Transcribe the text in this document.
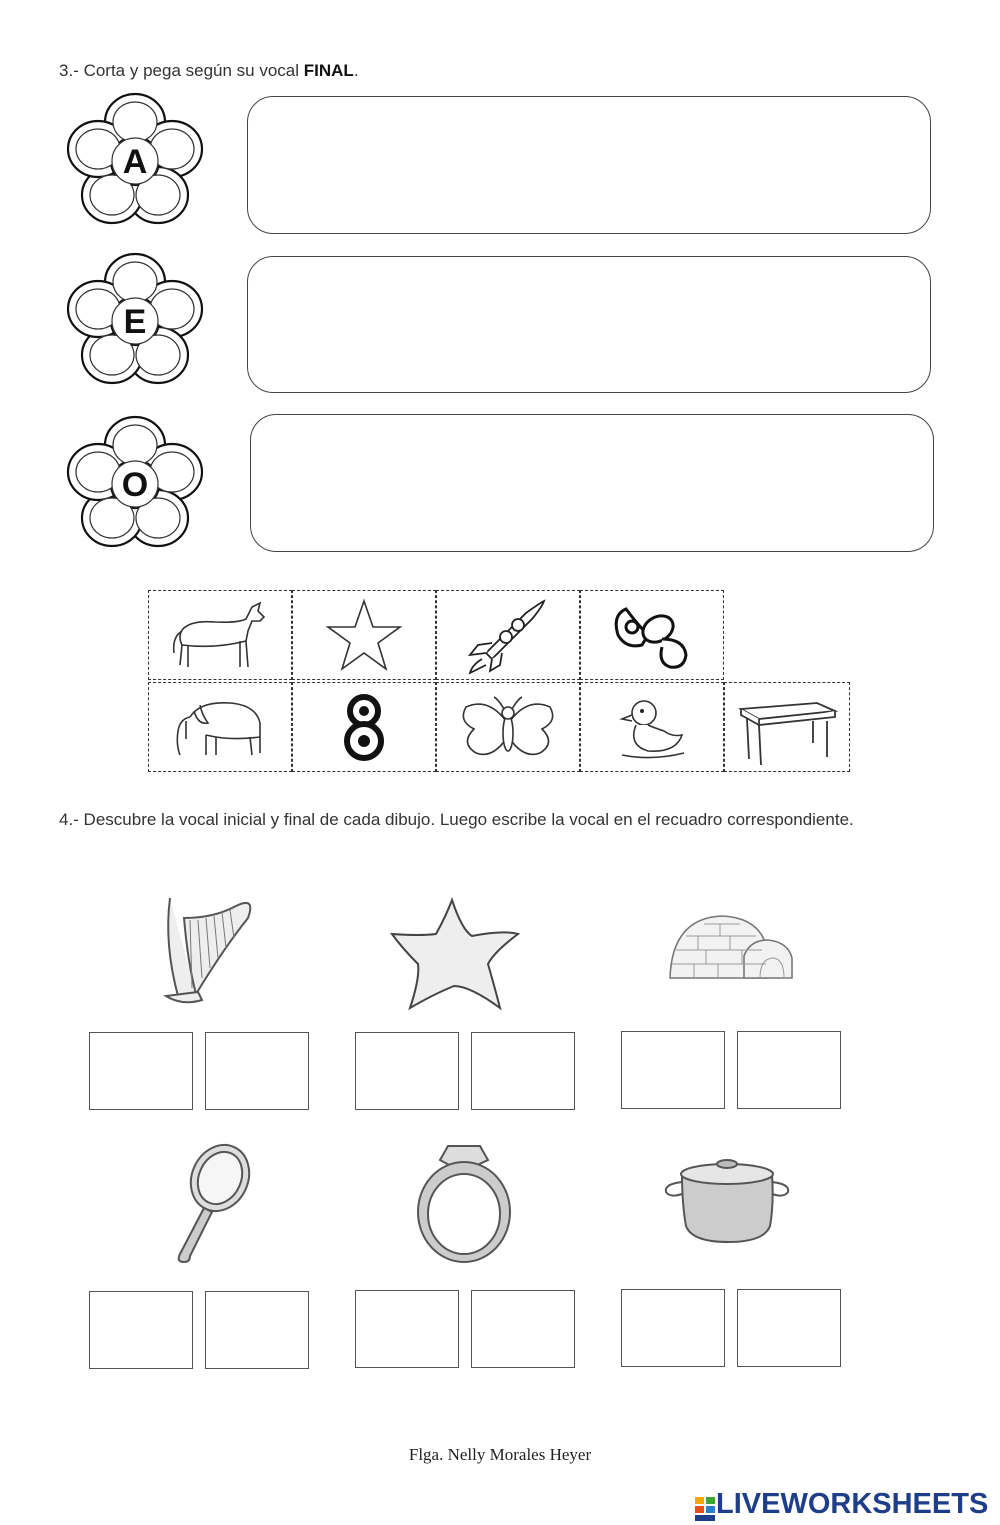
3.- Corta y pega según su vocal FINAL.
A
E
O
4.- Descubre la vocal inicial y final de cada dibujo. Luego escribe la vocal en el recuadro correspondiente.
Flga. Nelly Morales Heyer
LIVEWORKSHEETS
